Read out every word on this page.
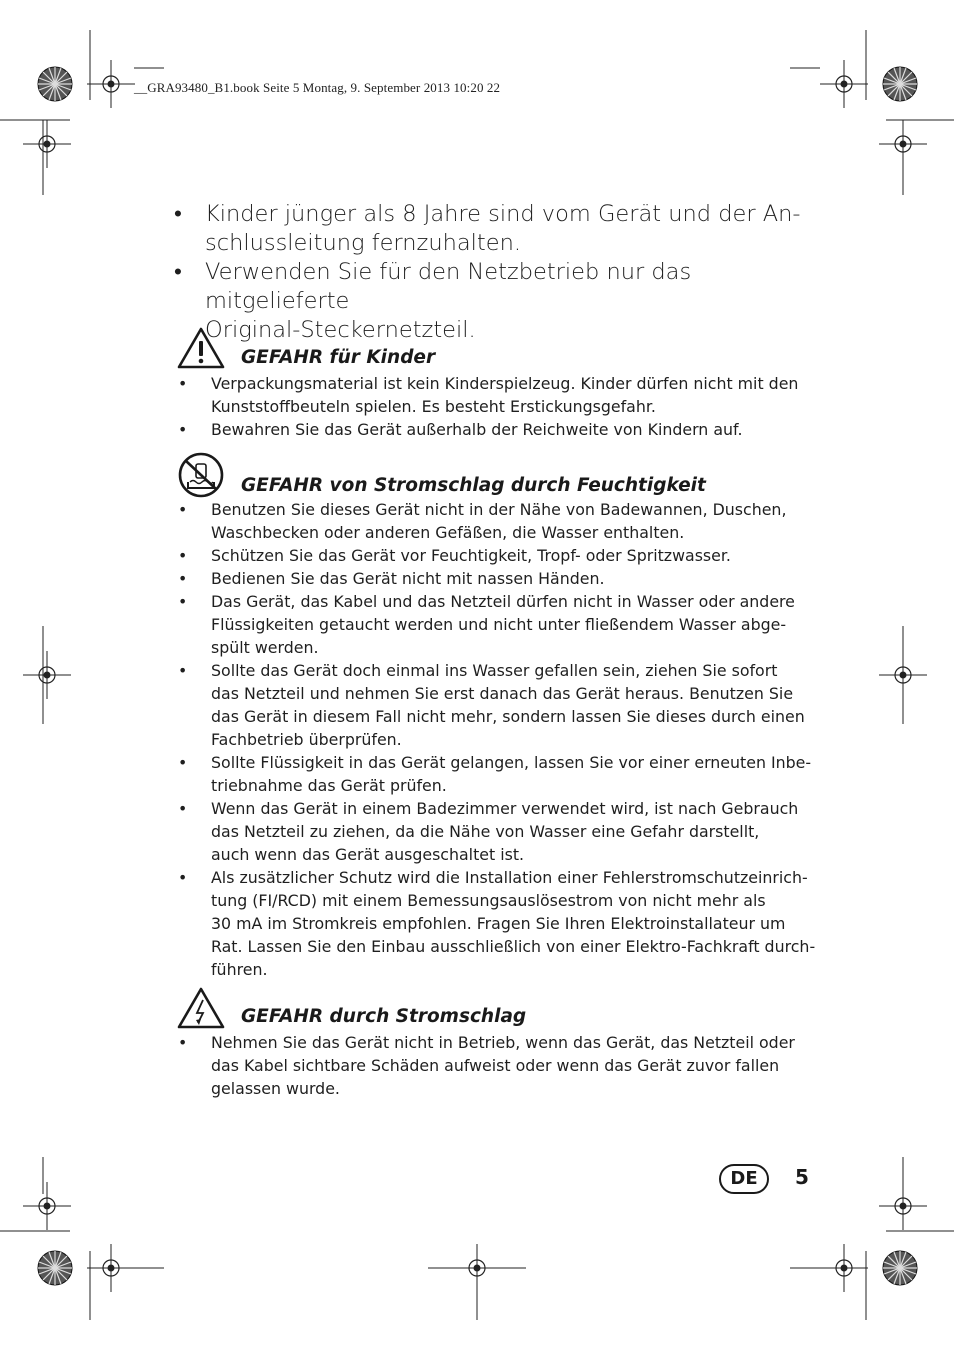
__GRA93480_B1.book Seite 5 Montag, 9. September 2013 10:20 22
• Kinder jünger als 8 Jahre sind vom Gerät und der An-
schlussleitung fernzuhalten.
• Verwenden Sie für den Netzbetrieb nur das mitgelieferte
Original-Steckernetzteil.
GEFAHR für Kinder
• Verpackungsmaterial ist kein Kinderspielzeug. Kinder dürfen nicht mit den
Kunststoffbeuteln spielen. Es besteht Erstickungsgefahr.
• Bewahren Sie das Gerät außerhalb der Reichweite von Kindern auf.
GEFAHR von Stromschlag durch Feuchtigkeit
• Benutzen Sie dieses Gerät nicht in der Nähe von Badewannen, Duschen,
Waschbecken oder anderen Gefäßen, die Wasser enthalten.
• Schützen Sie das Gerät vor Feuchtigkeit, Tropf- oder Spritzwasser.
• Bedienen Sie das Gerät nicht mit nassen Händen.
• Das Gerät, das Kabel und das Netzteil dürfen nicht in Wasser oder andere
Flüssigkeiten getaucht werden und nicht unter fließendem Wasser abge-
spült werden.
• Sollte das Gerät doch einmal ins Wasser gefallen sein, ziehen Sie sofort
das Netzteil und nehmen Sie erst danach das Gerät heraus. Benutzen Sie
das Gerät in diesem Fall nicht mehr, sondern lassen Sie dieses durch einen
Fachbetrieb überprüfen.
• Sollte Flüssigkeit in das Gerät gelangen, lassen Sie vor einer erneuten Inbe-
triebnahme das Gerät prüfen.
• Wenn das Gerät in einem Badezimmer verwendet wird, ist nach Gebrauch
das Netzteil zu ziehen, da die Nähe von Wasser eine Gefahr darstellt,
auch wenn das Gerät ausgeschaltet ist.
• Als zusätzlicher Schutz wird die Installation einer Fehlerstromschutzeinrich-
tung (FI/RCD) mit einem Bemessungsauslösestrom von nicht mehr als
30 mA im Stromkreis empfohlen. Fragen Sie Ihren Elektroinstallateur um
Rat. Lassen Sie den Einbau ausschließlich von einer Elektro-Fachkraft durch-
führen.
GEFAHR durch Stromschlag
• Nehmen Sie das Gerät nicht in Betrieb, wenn das Gerät, das Netzteil oder
das Kabel sichtbare Schäden aufweist oder wenn das Gerät zuvor fallen
gelassen wurde.
DE	5
